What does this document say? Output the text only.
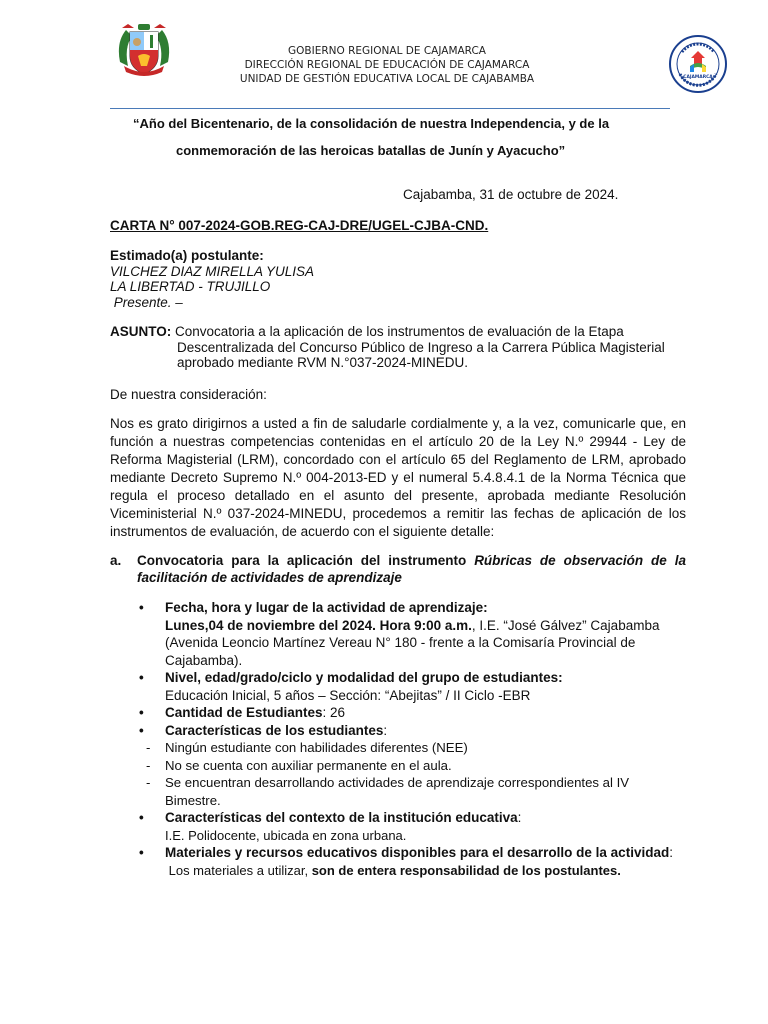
GOBIERNO REGIONAL DE CAJAMARCA
DIRECCIÓN REGIONAL DE EDUCACIÓN DE CAJAMARCA
UNIDAD DE GESTIÓN EDUCATIVA LOCAL DE CAJABAMBA	CAJAMARCA
“Año del Bicentenario, de la consolidación de nuestra Independencia, y de la
conmemoración de las heroicas batallas de Junín y Ayacucho”
Cajabamba, 31 de octubre de 2024.
CARTA N° 007-2024-GOB.REG-CAJ-DRE/UGEL-CJBA-CND.
Estimado(a) postulante:
VILCHEZ DIAZ MIRELLA YULISA
LA LIBERTAD - TRUJILLO
Presente. –
ASUNTO: Convocatoria a la aplicación de los instrumentos de evaluación de la Etapa
Descentralizada del Concurso Público de Ingreso a la Carrera Pública Magisterial
aprobado mediante RVM N.°037-2024-MINEDU.
De nuestra consideración:
Nos es grato dirigirnos a usted a fin de saludarle cordialmente y, a la vez, comunicarle que, en función a nuestras competencias contenidas en el artículo 20 de la Ley N.º 29944 - Ley de Reforma Magisterial (LRM), concordado con el artículo 65 del Reglamento de LRM, aprobado mediante Decreto Supremo N.º 004-2013-ED y el numeral 5.4.8.4.1 de la Norma Técnica que regula el proceso detallado en el asunto del presente, aprobada mediante Resolución Viceministerial N.º 037-2024-MINEDU, procedemos a remitir las fechas de aplicación de los instrumentos de evaluación, de acuerdo con el siguiente detalle:
a. Convocatoria para la aplicación del instrumento Rúbricas de observación de la facilitación de actividades de aprendizaje
• Fecha, hora y lugar de la actividad de aprendizaje:
Lunes,04 de noviembre del 2024. Hora 9:00 a.m., I.E. “José Gálvez” Cajabamba (Avenida Leoncio Martínez Vereau N° 180 - frente a la Comisaría Provincial de Cajabamba).
• Nivel, edad/grado/ciclo y modalidad del grupo de estudiantes:
Educación Inicial, 5 años – Sección: “Abejitas” / II Ciclo -EBR
• Cantidad de Estudiantes: 26
• Características de los estudiantes:
- Ningún estudiante con habilidades diferentes (NEE)
- No se cuenta con auxiliar permanente en el aula.
- Se encuentran desarrollando actividades de aprendizaje correspondientes al IV Bimestre.
• Características del contexto de la institución educativa:
I.E. Polidocente, ubicada en zona urbana.
• Materiales y recursos educativos disponibles para el desarrollo de la actividad:
Los materiales a utilizar, son de entera responsabilidad de los postulantes.
